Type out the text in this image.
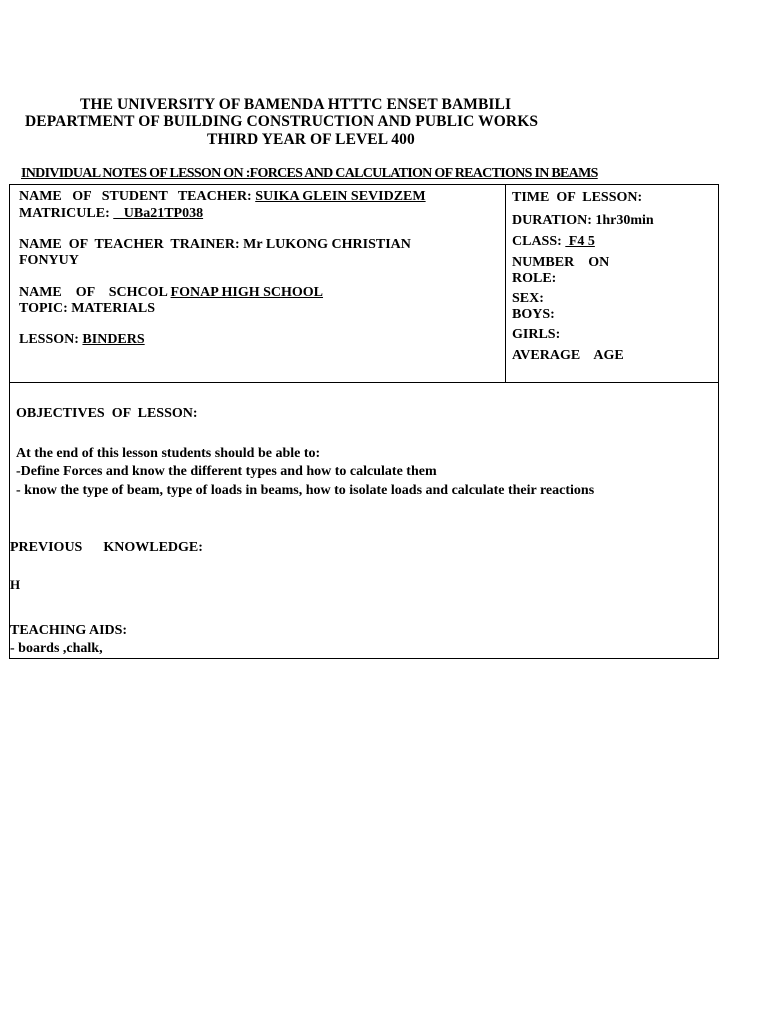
THE UNIVERSITY OF BAMENDA HTTTC ENSET BAMBILI
DEPARTMENT OF BUILDING CONSTRUCTION AND PUBLIC WORKS
THIRD YEAR OF LEVEL 400
INDIVIDUAL NOTES OF LESSON ON :FORCES AND CALCULATION OF REACTIONS IN BEAMS
NAME   OF   STUDENT   TEACHER: SUIKA GLEIN SEVIDZEM
MATRICULE:    UBa21TP038
NAME  OF  TEACHER  TRAINER: Mr LUKONG CHRISTIAN
FONYUY
NAME    OF    SCHCOL FONAP HIGH SCHOOL
TOPIC: MATERIALS
LESSON: BINDERS
TIME  OF  LESSON:
DURATION: 1hr30min
CLASS:  F4 5
NUMBER    ON
ROLE:
SEX:
BOYS:
GIRLS:
AVERAGE    AGE
OBJECTIVES  OF  LESSON:
At the end of this lesson students should be able to:
-Define Forces and know the different types and how to calculate them
- know the type of beam, type of loads in beams, how to isolate loads and calculate their reactions
PREVIOUS      KNOWLEDGE:
H
TEACHING AIDS:
- boards ,chalk,
